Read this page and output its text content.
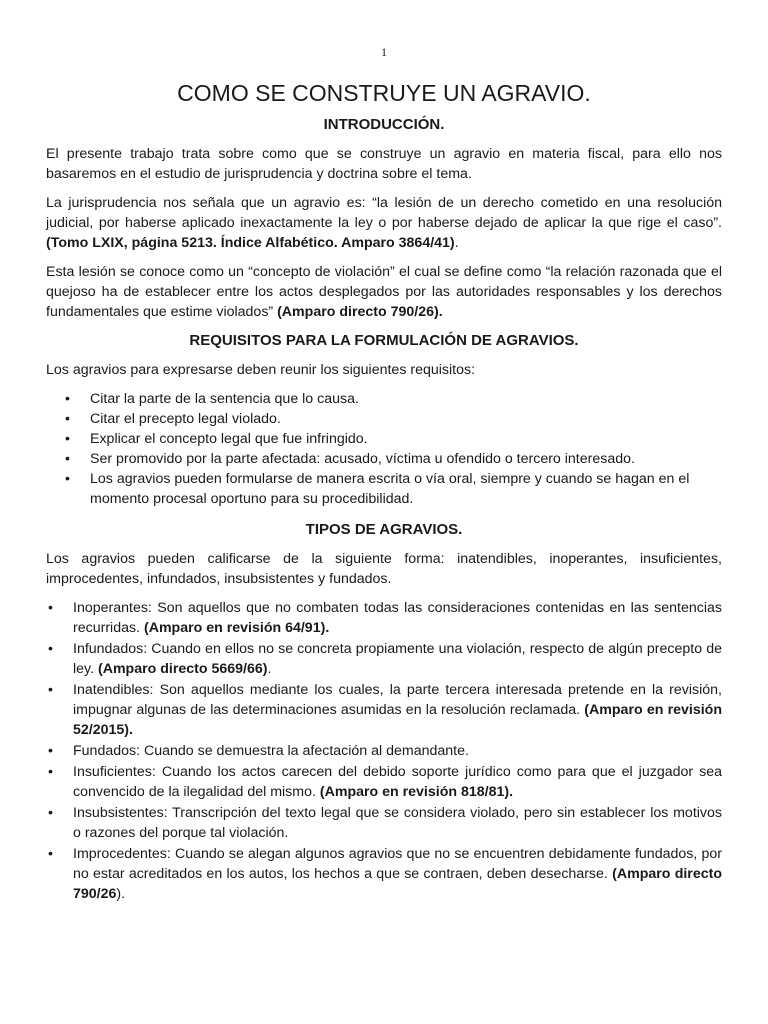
1
COMO SE CONSTRUYE UN AGRAVIO.
INTRODUCCIÓN.

El presente trabajo trata sobre como que se construye un agravio en materia fiscal, para ello nos basaremos en el estudio de jurisprudencia y doctrina sobre el tema.

La jurisprudencia nos señala que un agravio es: “la lesión de un derecho cometido en una resolución judicial, por haberse aplicado inexactamente la ley o por haberse dejado de aplicar la que rige el caso”. (Tomo LXIX, página 5213. Índice Alfabético. Amparo 3864/41).

Esta lesión se conoce como un “concepto de violación” el cual se define como “la relación razonada que el quejoso ha de establecer entre los actos desplegados por las autoridades responsables y los derechos fundamentales que estime violados” (Amparo directo 790/26).

REQUISITOS PARA LA FORMULACIÓN DE AGRAVIOS.

Los agravios para expresarse deben reunir los siguientes requisitos:

• Citar la parte de la sentencia que lo causa.
• Citar el precepto legal violado.
• Explicar el concepto legal que fue infringido.
• Ser promovido por la parte afectada: acusado, víctima u ofendido o tercero interesado.
• Los agravios pueden formularse de manera escrita o vía oral, siempre y cuando se hagan en el momento procesal oportuno para su procedibilidad.
TIPOS DE AGRAVIOS.

Los agravios pueden calificarse de la siguiente forma: inatendibles, inoperantes, insuficientes, improcedentes, infundados, insubsistentes y fundados.

• Inoperantes: Son aquellos que no combaten todas las consideraciones contenidas en las sentencias recurridas. (Amparo en revisión 64/91).
• Infundados: Cuando en ellos no se concreta propiamente una violación, respecto de algún precepto de ley. (Amparo directo 5669/66).
• Inatendibles: Son aquellos mediante los cuales, la parte tercera interesada pretende en la revisión, impugnar algunas de las determinaciones asumidas en la resolución reclamada. (Amparo en revisión 52/2015).
• Fundados: Cuando se demuestra la afectación al demandante.
• Insuficientes: Cuando los actos carecen del debido soporte jurídico como para que el juzgador sea convencido de la ilegalidad del mismo. (Amparo en revisión 818/81).
• Insubsistentes: Transcripción del texto legal que se considera violado, pero sin establecer los motivos o razones del porque tal violación.
• Improcedentes: Cuando se alegan algunos agravios que no se encuentren debidamente fundados, por no estar acreditados en los autos, los hechos a que se contraen, deben desecharse. (Amparo directo 790/26).
